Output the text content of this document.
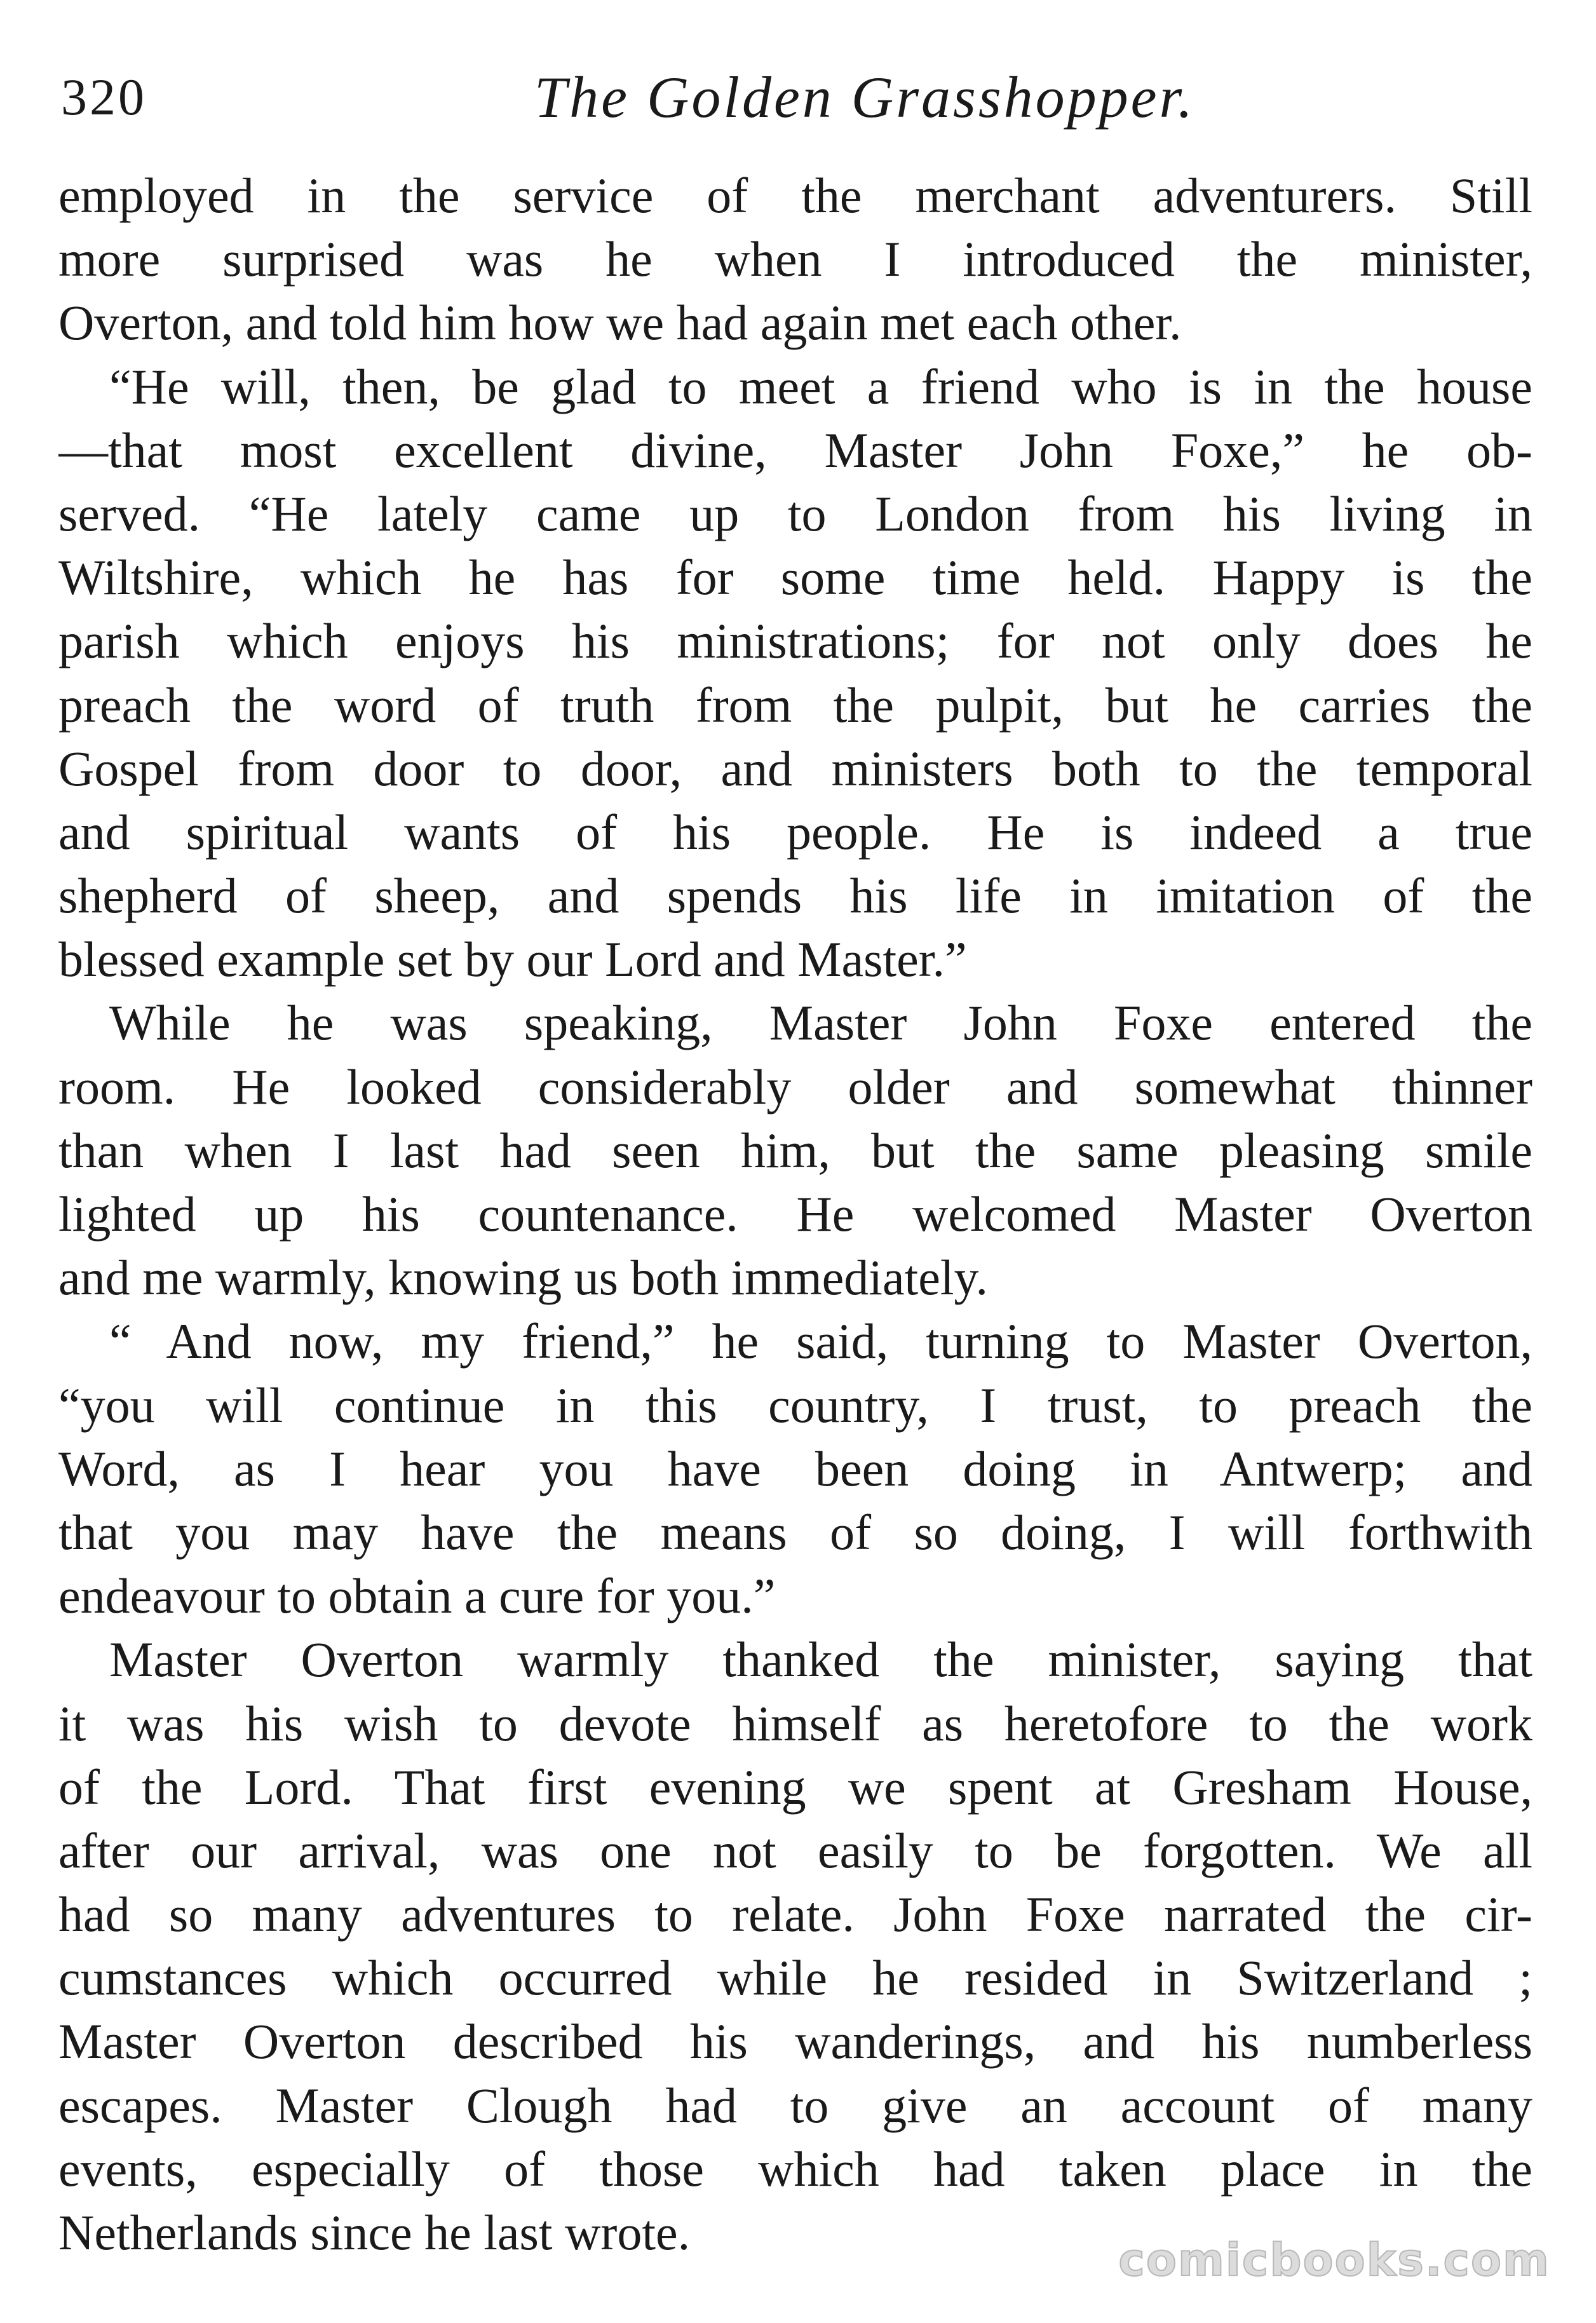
320	The Golden Grasshopper.
employed in the service of the merchant adventurers. Still
more surprised was he when I introduced the minister,
Overton, and told him how we had again met each other.
“He will, then, be glad to meet a friend who is in the house
—that most excellent divine, Master John Foxe,” he ob-
served. “He lately came up to London from his living in
Wiltshire, which he has for some time held. Happy is the
parish which enjoys his ministrations; for not only does he
preach the word of truth from the pulpit, but he carries the
Gospel from door to door, and ministers both to the temporal
and spiritual wants of his people. He is indeed a true
shepherd of sheep, and spends his life in imitation of the
blessed example set by our Lord and Master.”
While he was speaking, Master John Foxe entered the
room. He looked considerably older and somewhat thinner
than when I last had seen him, but the same pleasing smile
lighted up his countenance. He welcomed Master Overton
and me warmly, knowing us both immediately.
“ And now, my friend,” he said, turning to Master Overton,
“you will continue in this country, I trust, to preach the
Word, as I hear you have been doing in Antwerp; and
that you may have the means of so doing, I will forthwith
endeavour to obtain a cure for you.”
Master Overton warmly thanked the minister, saying that
it was his wish to devote himself as heretofore to the work
of the Lord. That first evening we spent at Gresham House,
after our arrival, was one not easily to be forgotten. We all
had so many adventures to relate. John Foxe narrated the cir-
cumstances which occurred while he resided in Switzerland ;
Master Overton described his wanderings, and his numberless
escapes. Master Clough had to give an account of many
events, especially of those which had taken place in the
Netherlands since he last wrote.	comicbooks.com
